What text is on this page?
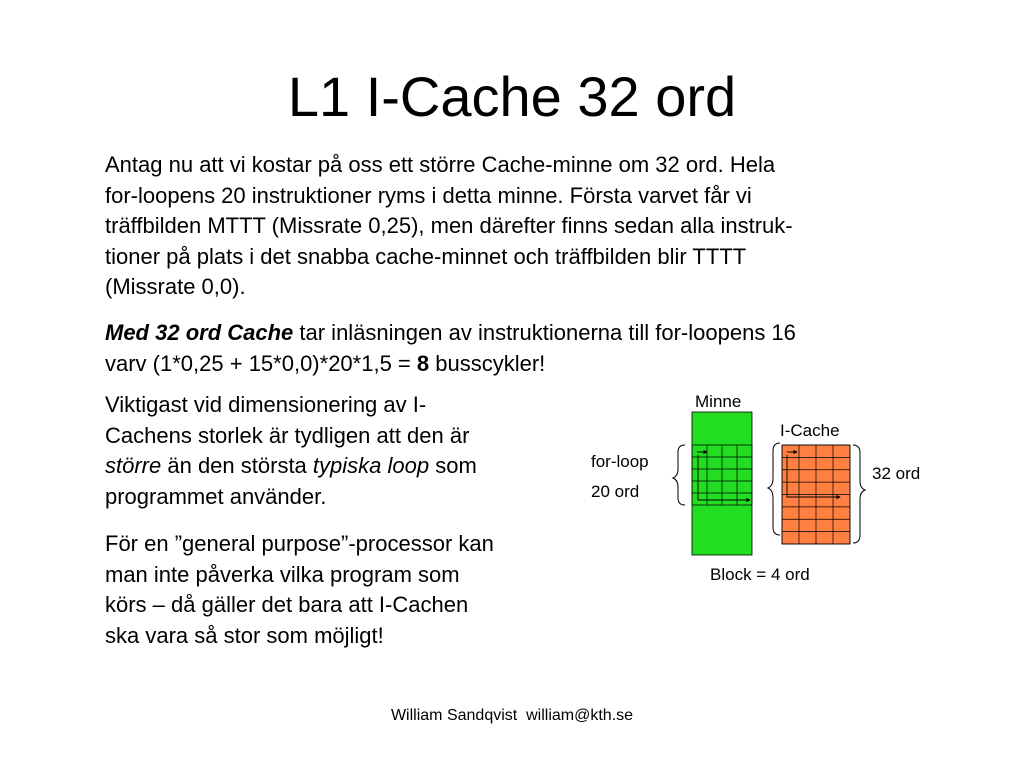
L1 I-Cache 32 ord
Antag nu att vi kostar på oss ett större Cache-minne om 32 ord. Hela
for-loopens 20 instruktioner ryms i detta minne. Första varvet får vi
träffbilden MTTT (Missrate 0,25), men därefter finns sedan alla instruk-
tioner på plats i det snabba cache-minnet och träffbilden blir TTTT
(Missrate 0,0).
Med 32 ord Cache tar inläsningen av instruktionerna till for-loopens 16
varv (1*0,25 + 15*0,0)*20*1,5 = 8 busscykler!
Viktigast vid dimensionering av I-
Cachens storlek är tydligen att den är
större än den största typiska loop som
programmet använder.
För en ”general purpose”-processor kan
man inte påverka vilka program som
körs – då gäller det bara att I-Cachen
ska vara så stor som möjligt!
Minne
I-Cache
for-loop
20 ord
32 ord
Block = 4 ord
William Sandqvist  william@kth.se
